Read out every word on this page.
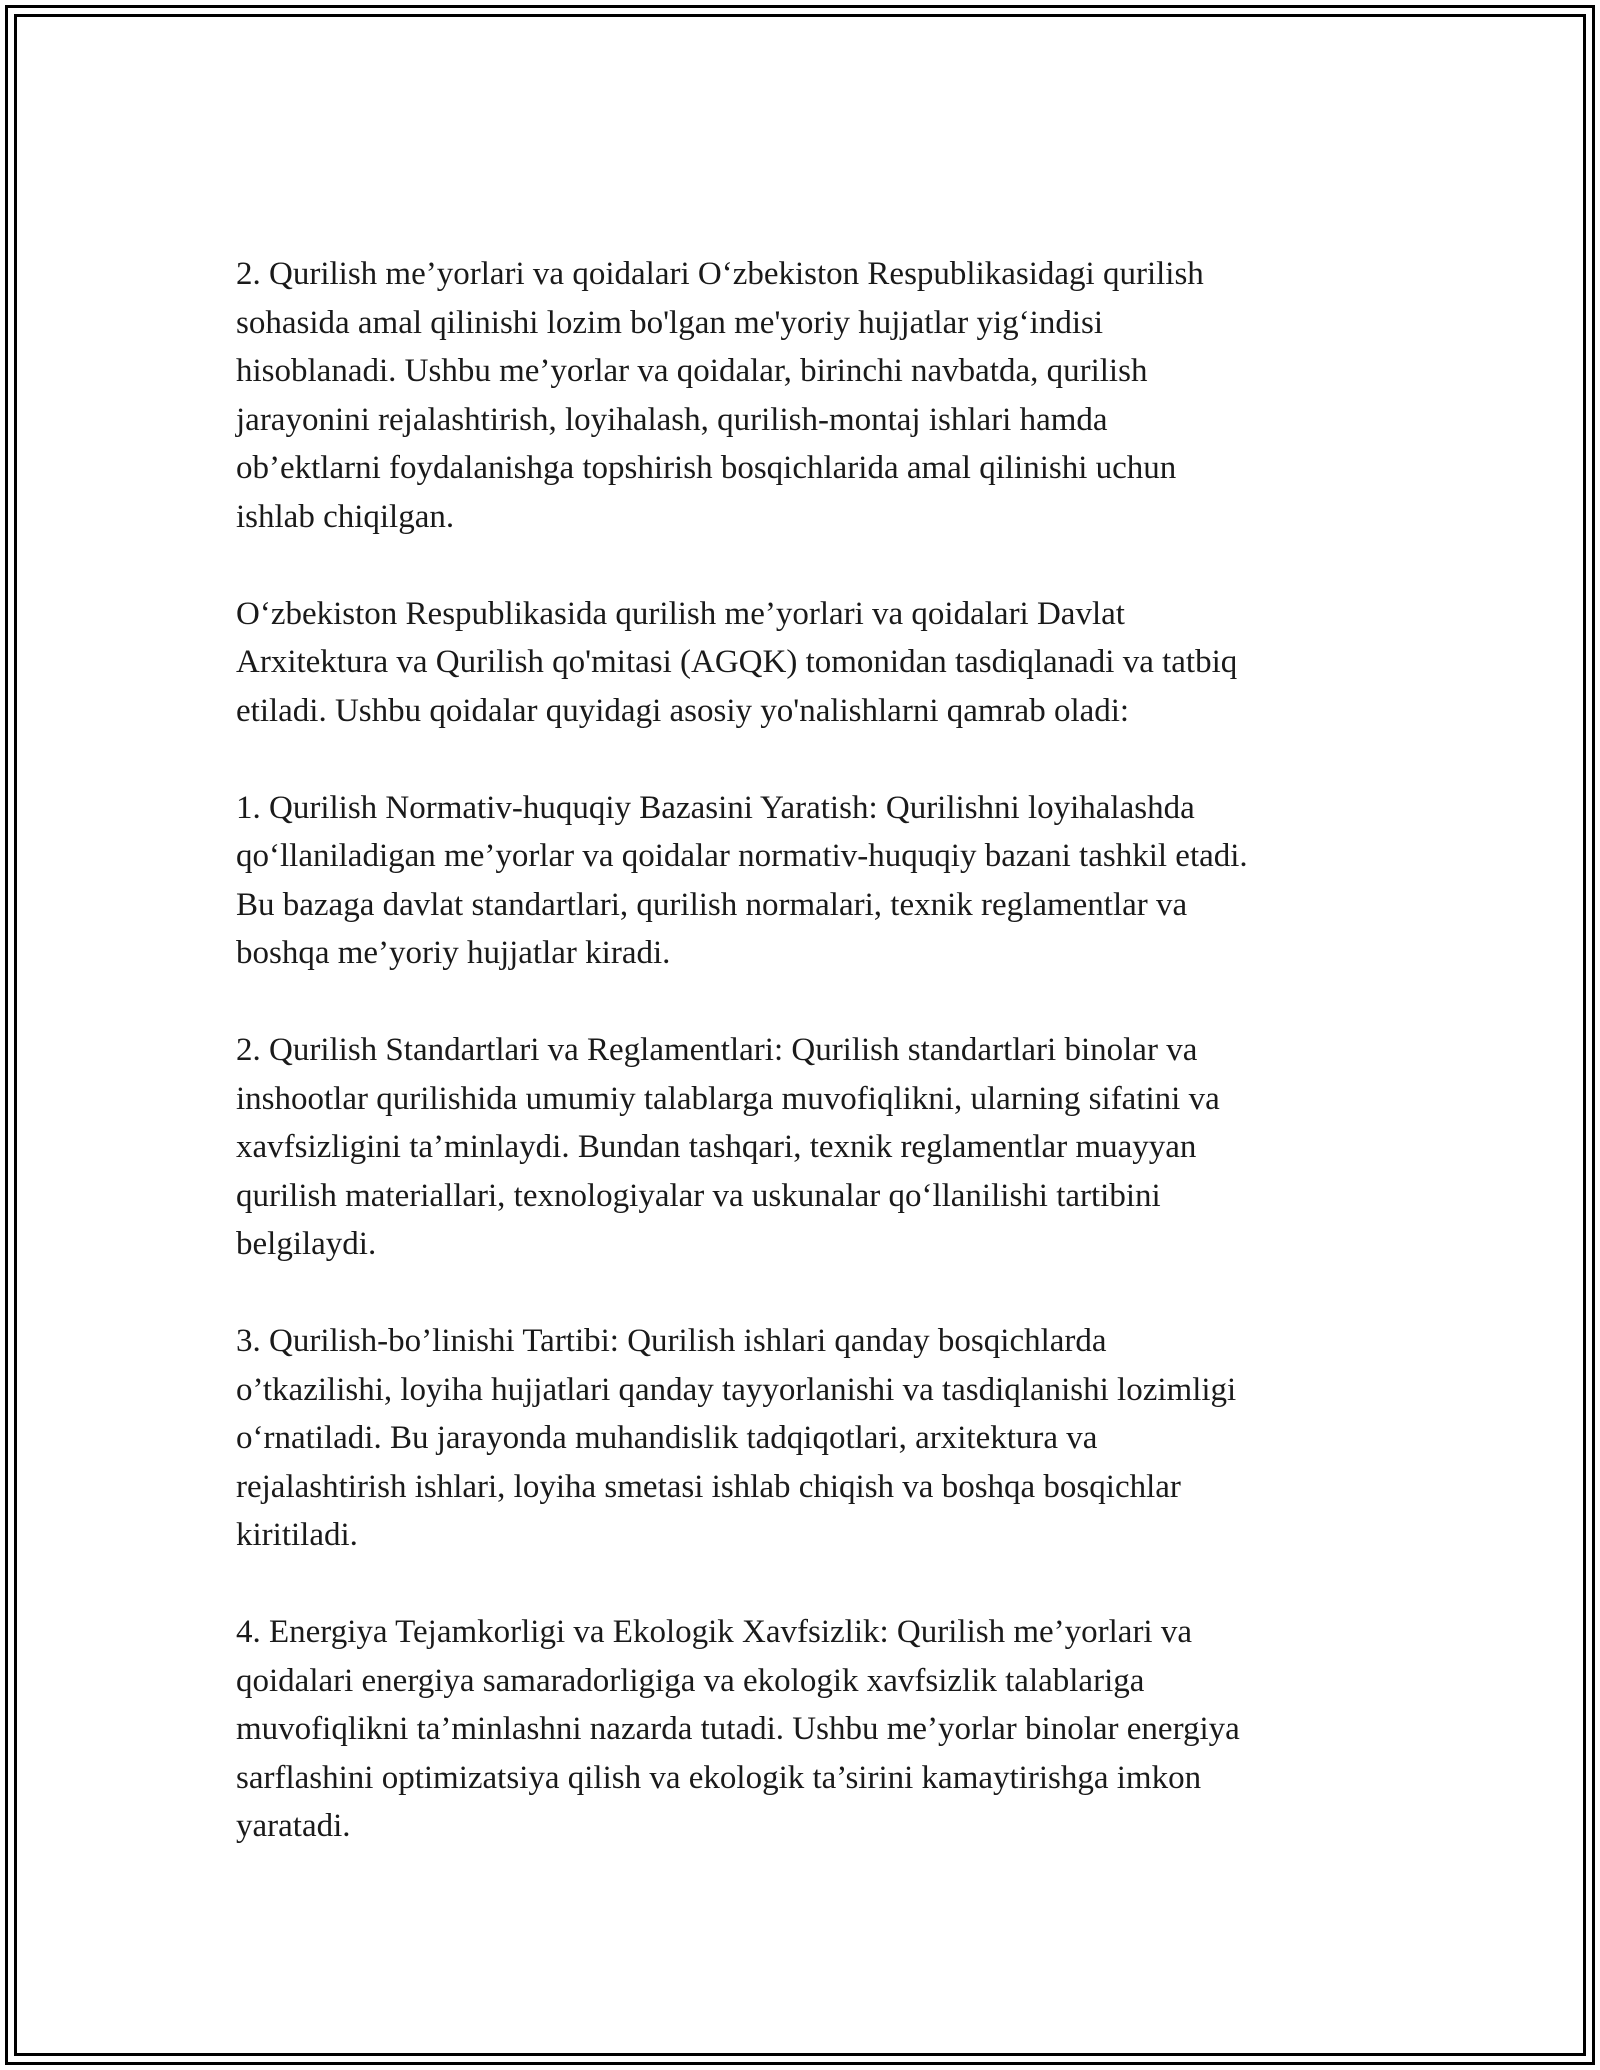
2. Qurilish me’yorlari va qoidalari O‘zbekiston Respublikasidagi qurilish
sohasida amal qilinishi lozim bo'lgan me'yoriy hujjatlar yig‘indisi
hisoblanadi. Ushbu me’yorlar va qoidalar, birinchi navbatda, qurilish
jarayonini rejalashtirish, loyihalash, qurilish-montaj ishlari hamda
ob’ektlarni foydalanishga topshirish bosqichlarida amal qilinishi uchun
ishlab chiqilgan.

O‘zbekiston Respublikasida qurilish me’yorlari va qoidalari Davlat
Arxitektura va Qurilish qo'mitasi (AGQK) tomonidan tasdiqlanadi va tatbiq
etiladi. Ushbu qoidalar quyidagi asosiy yo'nalishlarni qamrab oladi:

1. Qurilish Normativ-huquqiy Bazasini Yaratish: Qurilishni loyihalashda
qo‘llaniladigan me’yorlar va qoidalar normativ-huquqiy bazani tashkil etadi.
Bu bazaga davlat standartlari, qurilish normalari, texnik reglamentlar va
boshqa me’yoriy hujjatlar kiradi.

2. Qurilish Standartlari va Reglamentlari: Qurilish standartlari binolar va
inshootlar qurilishida umumiy talablarga muvofiqlikni, ularning sifatini va
xavfsizligini ta’minlaydi. Bundan tashqari, texnik reglamentlar muayyan
qurilish materiallari, texnologiyalar va uskunalar qo‘llanilishi tartibini
belgilaydi.

3. Qurilish-bo’linishi Tartibi: Qurilish ishlari qanday bosqichlarda
o’tkazilishi, loyiha hujjatlari qanday tayyorlanishi va tasdiqlanishi lozimligi
o‘rnatiladi. Bu jarayonda muhandislik tadqiqotlari, arxitektura va
rejalashtirish ishlari, loyiha smetasi ishlab chiqish va boshqa bosqichlar
kiritiladi.

4. Energiya Tejamkorligi va Ekologik Xavfsizlik: Qurilish me’yorlari va
qoidalari energiya samaradorligiga va ekologik xavfsizlik talablariga
muvofiqlikni ta’minlashni nazarda tutadi. Ushbu me’yorlar binolar energiya
sarflashini optimizatsiya qilish va ekologik ta’sirini kamaytirishga imkon
yaratadi.
